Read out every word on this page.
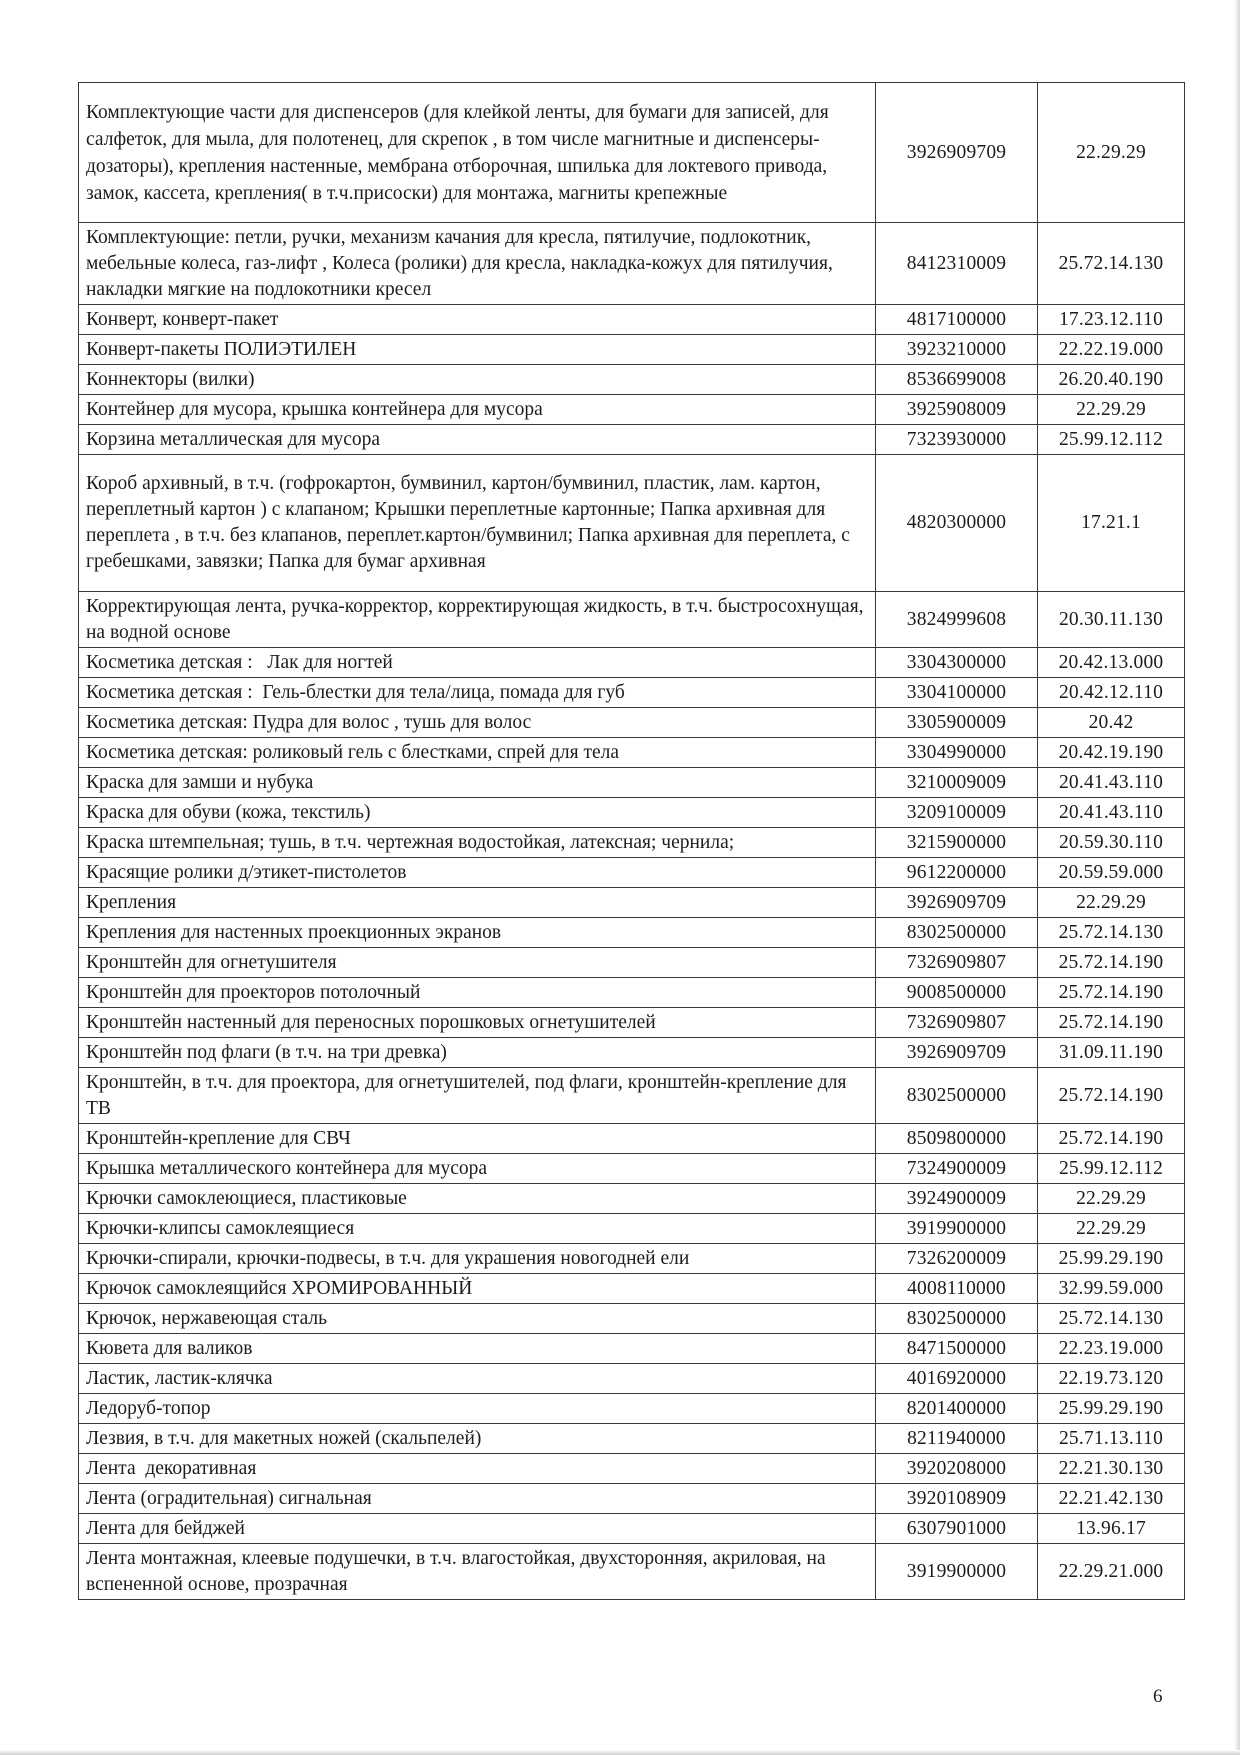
Комплектующие части для диспенсеров (для клейкой ленты, для бумаги для записей, для салфеток, для мыла, для полотенец, для скрепок , в том числе магнитные и диспенсеры-дозаторы), крепления настенные, мембрана отборочная, шпилька для локтевого привода, замок, кассета, крепления( в т.ч.присоски) для монтажа, магниты крепежные	3926909709	22.29.29
Комплектующие: петли, ручки, механизм качания для кресла, пятилучие, подлокотник, мебельные колеса, газ-лифт , Колеса (ролики) для кресла, накладка-кожух для пятилучия, накладки мягкие на подлокотники кресел	8412310009	25.72.14.130
Конверт, конверт-пакет	4817100000	17.23.12.110
Конверт-пакеты ПОЛИЭТИЛЕН	3923210000	22.22.19.000
Коннекторы (вилки)	8536699008	26.20.40.190
Контейнер для мусора, крышка контейнера для мусора	3925908009	22.29.29
Корзина металлическая для мусора	7323930000	25.99.12.112
Короб архивный, в т.ч. (гофрокартон, бумвинил, картон/бумвинил, пластик, лам. картон, переплетный картон ) с клапаном; Крышки переплетные картонные; Папка архивная для переплета , в т.ч. без клапанов, переплет.картон/бумвинил; Папка архивная для переплета, с гребешками, завязки; Папка для бумаг архивная	4820300000	17.21.1
Корректирующая лента, ручка-корректор, корректирующая жидкость, в т.ч. быстросохнущая, на водной основе	3824999608	20.30.11.130
Косметика детская :   Лак для ногтей	3304300000	20.42.13.000
Косметика детская :  Гель-блестки для тела/лица, помада для губ	3304100000	20.42.12.110
Косметика детская: Пудра для волос , тушь для волос	3305900009	20.42
Косметика детская: роликовый гель с блестками, спрей для тела	3304990000	20.42.19.190
Краска для замши и нубука	3210009009	20.41.43.110
Краска для обуви (кожа, текстиль)	3209100009	20.41.43.110
Краска штемпельная; тушь, в т.ч. чертежная водостойкая, латексная; чернила;	3215900000	20.59.30.110
Красящие ролики д/этикет-пистолетов	9612200000	20.59.59.000
Крепления	3926909709	22.29.29
Крепления для настенных проекционных экранов	8302500000	25.72.14.130
Кронштейн для огнетушителя	7326909807	25.72.14.190
Кронштейн для проекторов потолочный	9008500000	25.72.14.190
Кронштейн настенный для переносных порошковых огнетушителей	7326909807	25.72.14.190
Кронштейн под флаги (в т.ч. на три древка)	3926909709	31.09.11.190
Кронштейн, в т.ч. для проектора, для огнетушителей, под флаги, кронштейн-крепление для ТВ	8302500000	25.72.14.190
Кронштейн-крепление для СВЧ	8509800000	25.72.14.190
Крышка металлического контейнера для мусора	7324900009	25.99.12.112
Крючки самоклеющиеся, пластиковые	3924900009	22.29.29
Крючки-клипсы самоклеящиеся	3919900000	22.29.29
Крючки-спирали, крючки-подвесы, в т.ч. для украшения новогодней ели	7326200009	25.99.29.190
Крючок самоклеящийся ХРОМИРОВАННЫЙ	4008110000	32.99.59.000
Крючок, нержавеющая сталь	8302500000	25.72.14.130
Кювета для валиков	8471500000	22.23.19.000
Ластик, ластик-клячка	4016920000	22.19.73.120
Ледоруб-топор	8201400000	25.99.29.190
Лезвия, в т.ч. для макетных ножей (скальпелей)	8211940000	25.71.13.110
Лента  декоративная	3920208000	22.21.30.130
Лента (оградительная) сигнальная	3920108909	22.21.42.130
Лента для бейджей	6307901000	13.96.17
Лента монтажная, клеевые подушечки, в т.ч. влагостойкая, двухсторонняя, акриловая, на вспененной основе, прозрачная	3919900000	22.29.21.000
6
